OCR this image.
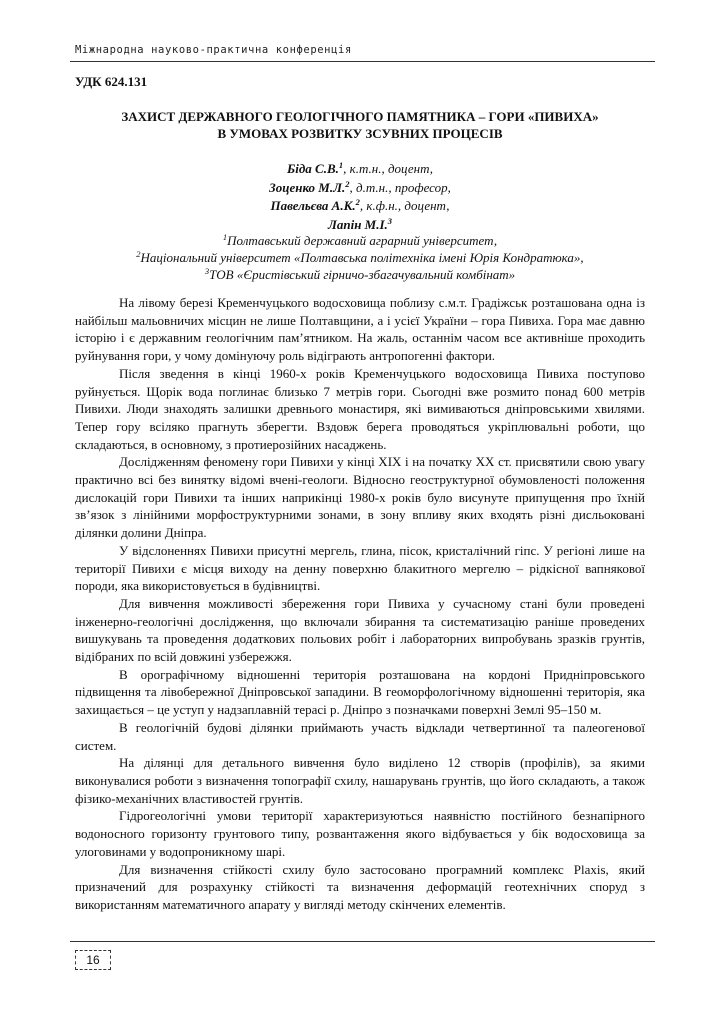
Міжнародна науково-практична конференція
УДК 624.131
ЗАХИСТ ДЕРЖАВНОГО ГЕОЛОГІЧНОГО ПАМЯТНИКА – ГОРИ «ПИВИХА»
В УМОВАХ РОЗВИТКУ ЗСУВНИХ ПРОЦЕСІВ
Біда С.В.$^1$, к.т.н., доцент,
Зоценко М.Л.$^2$, д.т.н., професор,
Павельєва А.К.$^2$, к.ф.н., доцент,
Лапін М.І.$^3$
$^1$Полтавський державний аграрний університет,
$^2$Національний університет «Полтавська політехніка імені Юрія Кондратюка»,
$^3$ТОВ «Єристівський гірничо-збагачувальний комбінат»

На лівому березі Кременчуцького водосховища поблизу с.м.т. Градіжськ розташована одна із найбільш мальовничих місцин не лише Полтавщини, а і усієї України – гора Пивиха. Гора має давню історію і є державним геологічним пам’ятником. На жаль, останнім часом все активніше проходить руйнування гори, у чому домінуючу роль відіграють антропогенні фактори.

Після зведення в кінці 1960-х років Кременчуцького водосховища Пивиха поступово руйнується. Щорік вода поглинає близько 7 метрів гори. Сьогодні вже розмито понад 600 метрів Пивихи. Люди знаходять залишки древнього монастиря, які вимиваються дніпровськими хвилями. Тепер гору всіляко прагнуть зберегти. Вздовж берега проводяться укріплювальні роботи, що складаються, в основному, з протиерозійних насаджень.

Дослідженням феномену гори Пивихи у кінці XIX і на початку XX ст. присвятили свою увагу практично всі без винятку відомі вчені-геологи. Відносно геоструктурної обумовленості положення дислокацій гори Пивихи та інших наприкінці 1980-х років було висунуте припущення про їхній зв’язок з лінійними морфоструктурними зонами, в зону впливу яких входять різні дисльоковані ділянки долини Дніпра.

У відслоненнях Пивихи присутні мергель, глина, пісок, кристалічний гіпс. У регіоні лише на території Пивихи є місця виходу на денну поверхню блакитного мергелю – рідкісної вапнякової породи, яка використовується в будівництві.

Для вивчення можливості збереження гори Пивиха у сучасному стані були проведені інженерно-геологічні дослідження, що включали збирання та систематизацію раніше проведених вишукувань та проведення додаткових польових робіт і лабораторних випробувань зразків грунтів, відібраних по всій довжині узбережжя.

В орографічному відношенні територія розташована на кордоні Придніпровського підвищення та лівобережної Дніпровської западини. В геоморфологічному відношенні територія, яка захищається – це уступ у надзаплавній терасі р. Дніпро з позначками поверхні Землі 95–150 м.

В геологічній будові ділянки приймають участь відклади четвертинної та палеогенової систем.

На ділянці для детального вивчення було виділено 12 створів (профілів), за якими виконувалися роботи з визначення топографії схилу, нашарувань грунтів, що його складають, а також фізико-механічних властивостей грунтів.

Гідрогеологічні умови території характеризуються наявністю постійного безнапірного водоносного горизонту грунтового типу, розвантаження якого відбувається у бік водосховища за улоговинами у водопроникному шарі.

Для визначення стійкості схилу було застосовано програмний комплекс Plaxis, який призначений для розрахунку стійкості та визначення деформацій геотехнічних споруд з використанням математичного апарату у вигляді методу скінчених елементів.

16
